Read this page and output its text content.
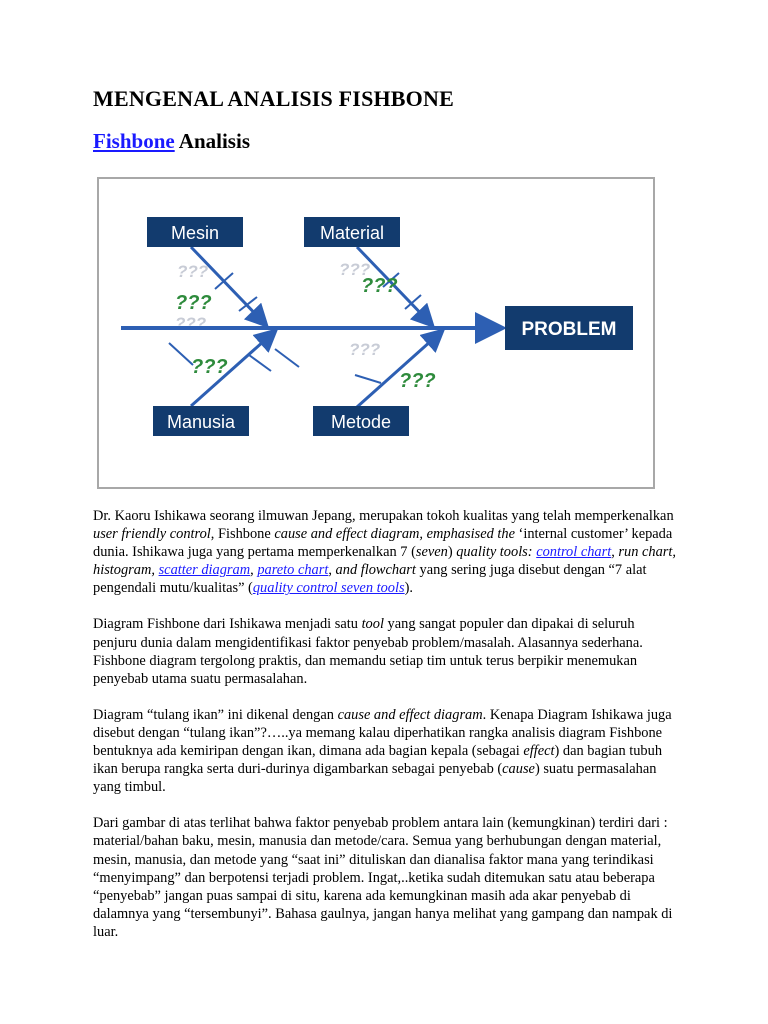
MENGENAL ANALISIS FISHBONE
Fishbone Analisis
???
???
???
???
???
???
???
???
Mesin	Material
Manusia	Metode
PROBLEM

Dr. Kaoru Ishikawa seorang ilmuwan Jepang, merupakan tokoh kualitas yang telah memperkenalkan user friendly control, Fishbone cause and effect diagram, emphasised the ‘internal customer’ kepada dunia. Ishikawa juga yang pertama memperkenalkan 7 (seven) quality tools: control chart, run chart, histogram, scatter diagram, pareto chart, and flowchart yang sering juga disebut dengan “7 alat pengendali mutu/kualitas” (quality control seven tools).

Diagram Fishbone dari Ishikawa menjadi satu tool yang sangat populer dan dipakai di seluruh penjuru dunia dalam mengidentifikasi faktor penyebab problem/masalah. Alasannya sederhana. Fishbone diagram tergolong praktis, dan memandu setiap tim untuk terus berpikir menemukan penyebab utama suatu permasalahan.

Diagram “tulang ikan” ini dikenal dengan cause and effect diagram. Kenapa Diagram Ishikawa juga disebut dengan “tulang ikan”?…..ya memang kalau diperhatikan rangka analisis diagram Fishbone bentuknya ada kemiripan dengan ikan, dimana ada bagian kepala (sebagai effect) dan bagian tubuh ikan berupa rangka serta duri-durinya digambarkan sebagai penyebab (cause) suatu permasalahan yang timbul.

Dari gambar di atas terlihat bahwa faktor penyebab problem antara lain (kemungkinan) terdiri dari : material/bahan baku, mesin, manusia dan metode/cara. Semua yang berhubungan dengan material, mesin, manusia, dan metode yang “saat ini” dituliskan dan dianalisa faktor mana yang terindikasi “menyimpang” dan berpotensi terjadi problem. Ingat,..ketika sudah ditemukan satu atau beberapa “penyebab” jangan puas sampai di situ, karena ada kemungkinan masih ada akar penyebab di dalamnya yang “tersembunyi”. Bahasa gaulnya, jangan hanya melihat yang gampang dan nampak di luar.
